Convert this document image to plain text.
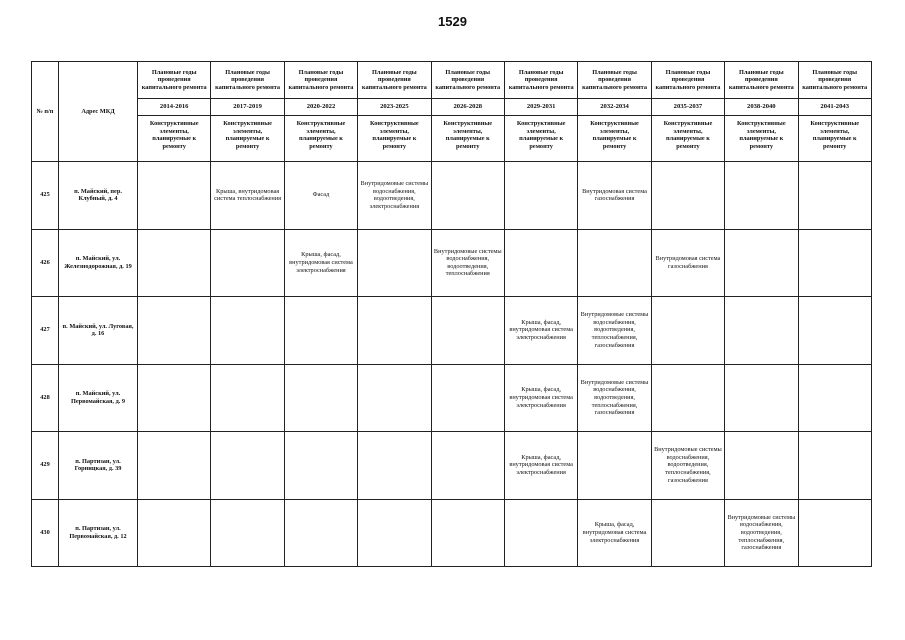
1529
№ п/п	Адрес МКД	Плановые годы проведения капитального ремонта	Плановые годы проведения капитального ремонта	Плановые годы проведения капитального ремонта	Плановые годы проведения капитального ремонта	Плановые годы проведения капитального ремонта	Плановые годы проведения капитального ремонта	Плановые годы проведения капитального ремонта	Плановые годы проведения капитального ремонта	Плановые годы проведения капитального ремонта	Плановые годы проведения капитального ремонта
		2014-2016	2017-2019	2020-2022	2023-2025	2026-2028	2029-2031	2032-2034	2035-2037	2038-2040	2041-2043
		Конструктивные элементы, планируемые к ремонту	Конструктивные элементы, планируемые к ремонту	Конструктивные элементы, планируемые к ремонту	Конструктивные элементы, планируемые к ремонту	Конструктивные элементы, планируемые к ремонту	Конструктивные элементы, планируемые к ремонту	Конструктивные элементы, планируемые к ремонту	Конструктивные элементы, планируемые к ремонту	Конструктивные элементы, планируемые к ремонту	Конструктивные элементы, планируемые к ремонту
425	п. Майский, пер. Клубный, д. 4		Крыша, внутридомовая система теплоснабжения	Фасад	Внутридомовые системы водоснабжения, водоотведения, электроснабжения			Внутридомовая система газоснабжения			
426	п. Майский, ул. Железнодорожная, д. 19			Крыша, фасад, внутридомовая система электроснабжения		Внутридомовые системы водоснабжения, водоотведения, теплоснабжения			Внутридомовая система газоснабжения		
427	п. Майский, ул. Луговая, д. 16						Крыша, фасад, внутридомовая система электроснабжения	Внутридомовые системы водоснабжения, водоотведения, теплоснабжения, газоснабжения			
428	п. Майский, ул. Первомайская, д. 9						Крыша, фасад, внутридомовая система электроснабжения	Внутридомовые системы водоснабжения, водоотведения, теплоснабжения, газоснабжения			
429	п. Партизан, ул. Горницкая, д. 39						Крыша, фасад, внутридомовая система электроснабжения		Внутридомовые системы водоснабжения, водоотведения, теплоснабжения, газоснабжения		
430	п. Партизан, ул. Первомайская, д. 12							Крыша, фасад, внутридомовая система электроснабжения		Внутридомовые системы водоснабжения, водоотведения, теплоснабжения, газоснабжения	
